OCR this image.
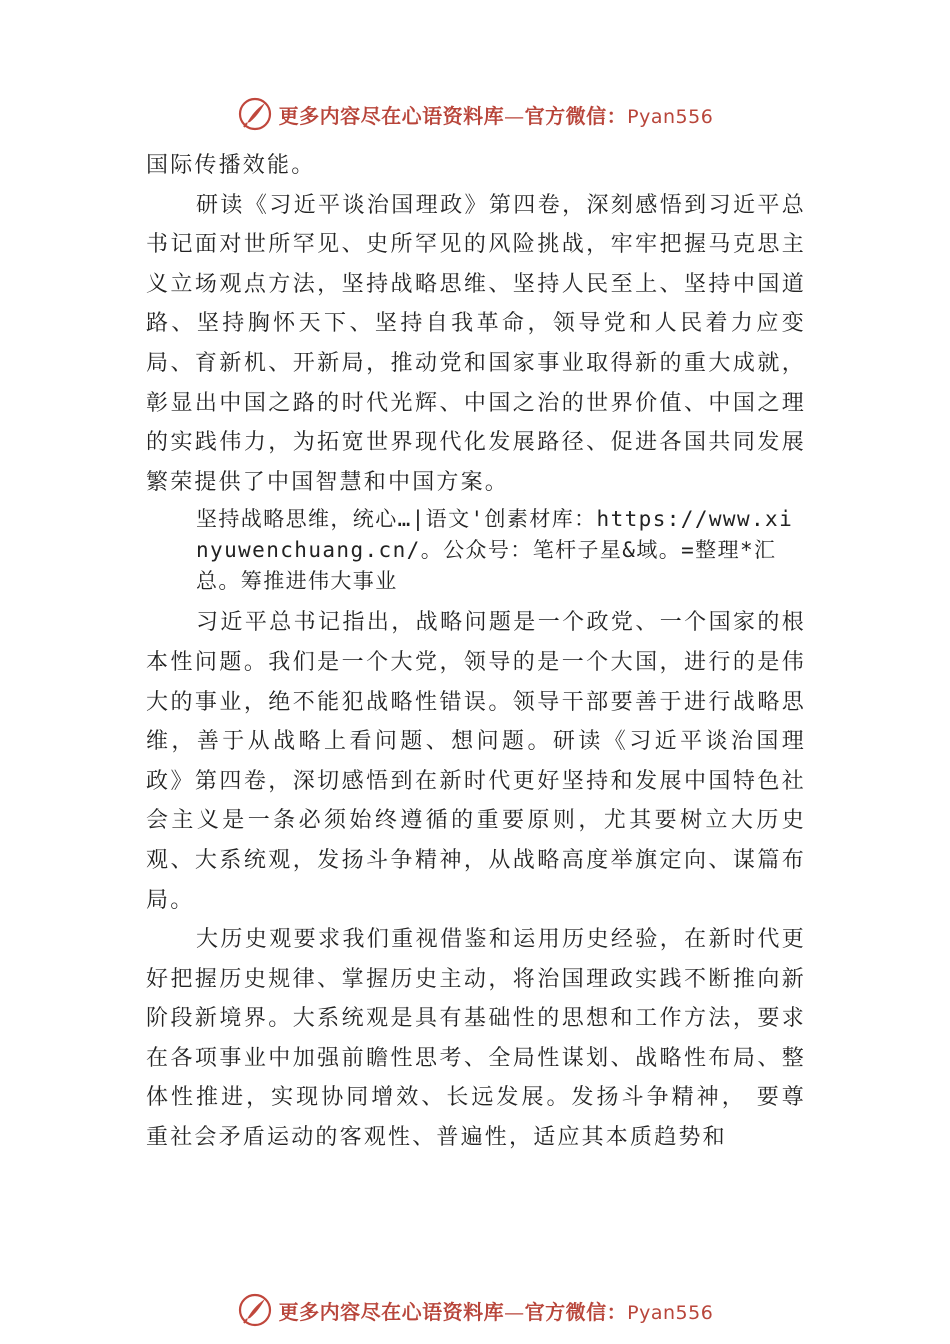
更多内容尽在心语资料库—官方微信：Pyan556

国际传播效能。

研读《习近平谈治国理政》第四卷，深刻感悟到习近平总书记面对世所罕见、史所罕见的风险挑战，牢牢把握马克思主义立场观点方法，坚持战略思维、坚持人民至上、坚持中国道路、坚持胸怀天下、坚持自我革命，领导党和人民着力应变局、育新机、开新局，推动党和国家事业取得新的重大成就，彰显出中国之路的时代光辉、中国之治的世界价值、中国之理的实践伟力，为拓宽世界现代化发展路径、促进各国共同发展繁荣提供了中国智慧和中国方案。

坚持战略思维，统心…|语文'创素材库：https://www.xinyuwenchuang.cn/。公众号：笔杆子星&域。=整理*汇总。筹推进伟大事业

习近平总书记指出，战略问题是一个政党、一个国家的根本性问题。我们是一个大党，领导的是一个大国，进行的是伟大的事业，绝不能犯战略性错误。领导干部要善于进行战略思维，善于从战略上看问题、想问题。研读《习近平谈治国理政》第四卷，深切感悟到在新时代更好坚持和发展中国特色社会主义是一条必须始终遵循的重要原则，尤其要树立大历史观、大系统观，发扬斗争精神，从战略高度举旗定向、谋篇布局。

大历史观要求我们重视借鉴和运用历史经验，在新时代更好把握历史规律、掌握历史主动，将治国理政实践不断推向新阶段新境界。大系统观是具有基础性的思想和工作方法，要求在各项事业中加强前瞻性思考、全局性谋划、战略性布局、整体性推进，实现协同增效、长远发展。发扬斗争精神， 要尊重社会矛盾运动的客观性、普遍性，适应其本质趋势和

更多内容尽在心语资料库—官方微信：Pyan556
